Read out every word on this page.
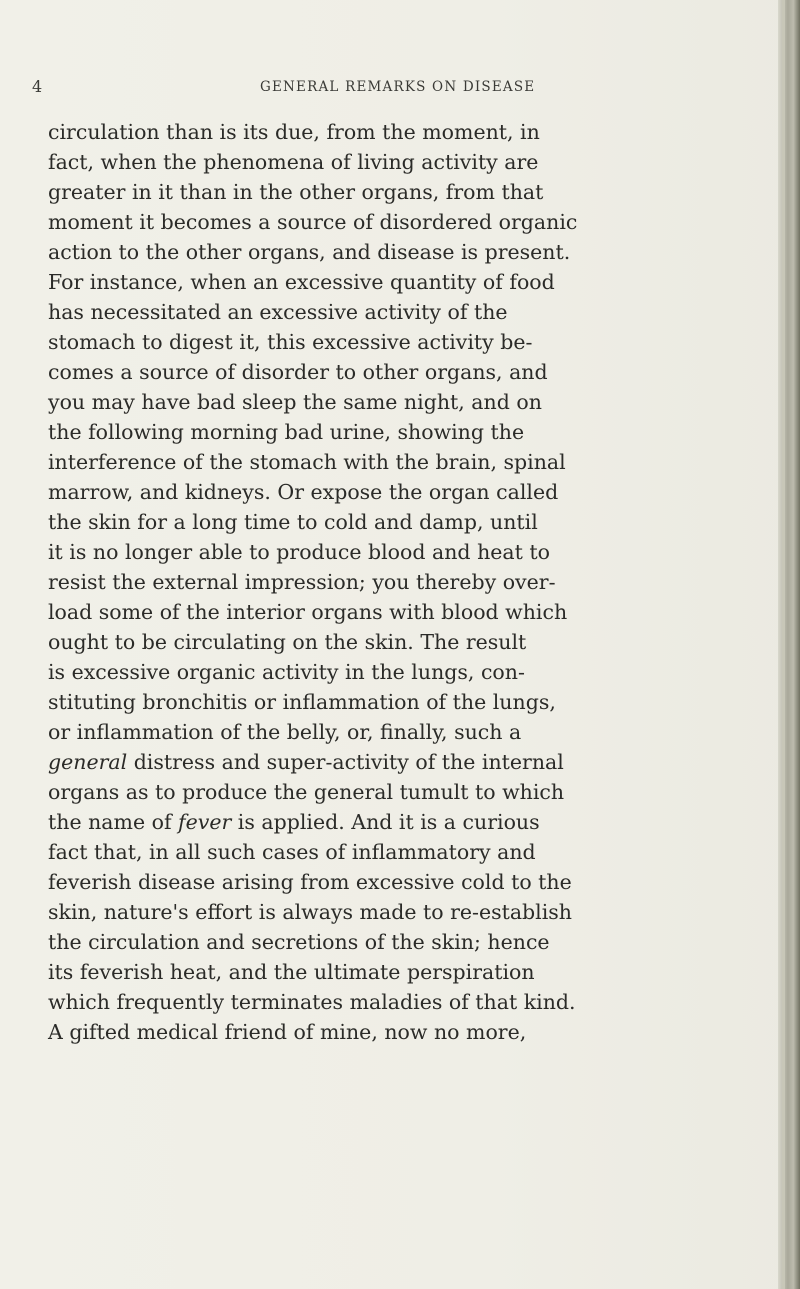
4	GENERAL REMARKS ON DISEASE
circulation than is its due, from the moment, in
fact, when the phenomena of living activity are
greater in it than in the other organs, from that
moment it becomes a source of disordered organic
action to the other organs, and disease is present.
For instance, when an excessive quantity of food
has necessitated an excessive activity of the
stomach to digest it, this excessive activity be-
comes a source of disorder to other organs, and
you may have bad sleep the same night, and on
the following morning bad urine, showing the
interference of the stomach with the brain, spinal
marrow, and kidneys. Or expose the organ called
the skin for a long time to cold and damp, until
it is no longer able to produce blood and heat to
resist the external impression; you thereby over-
load some of the interior organs with blood which
ought to be circulating on the skin. The result
is excessive organic activity in the lungs, con-
stituting bronchitis or inflammation of the lungs,
or inflammation of the belly, or, finally, such a
general distress and super-activity of the internal
organs as to produce the general tumult to which
the name of fever is applied. And it is a curious
fact that, in all such cases of inflammatory and
feverish disease arising from excessive cold to the
skin, nature's effort is always made to re-establish
the circulation and secretions of the skin; hence
its feverish heat, and the ultimate perspiration
which frequently terminates maladies of that kind.
A gifted medical friend of mine, now no more,
